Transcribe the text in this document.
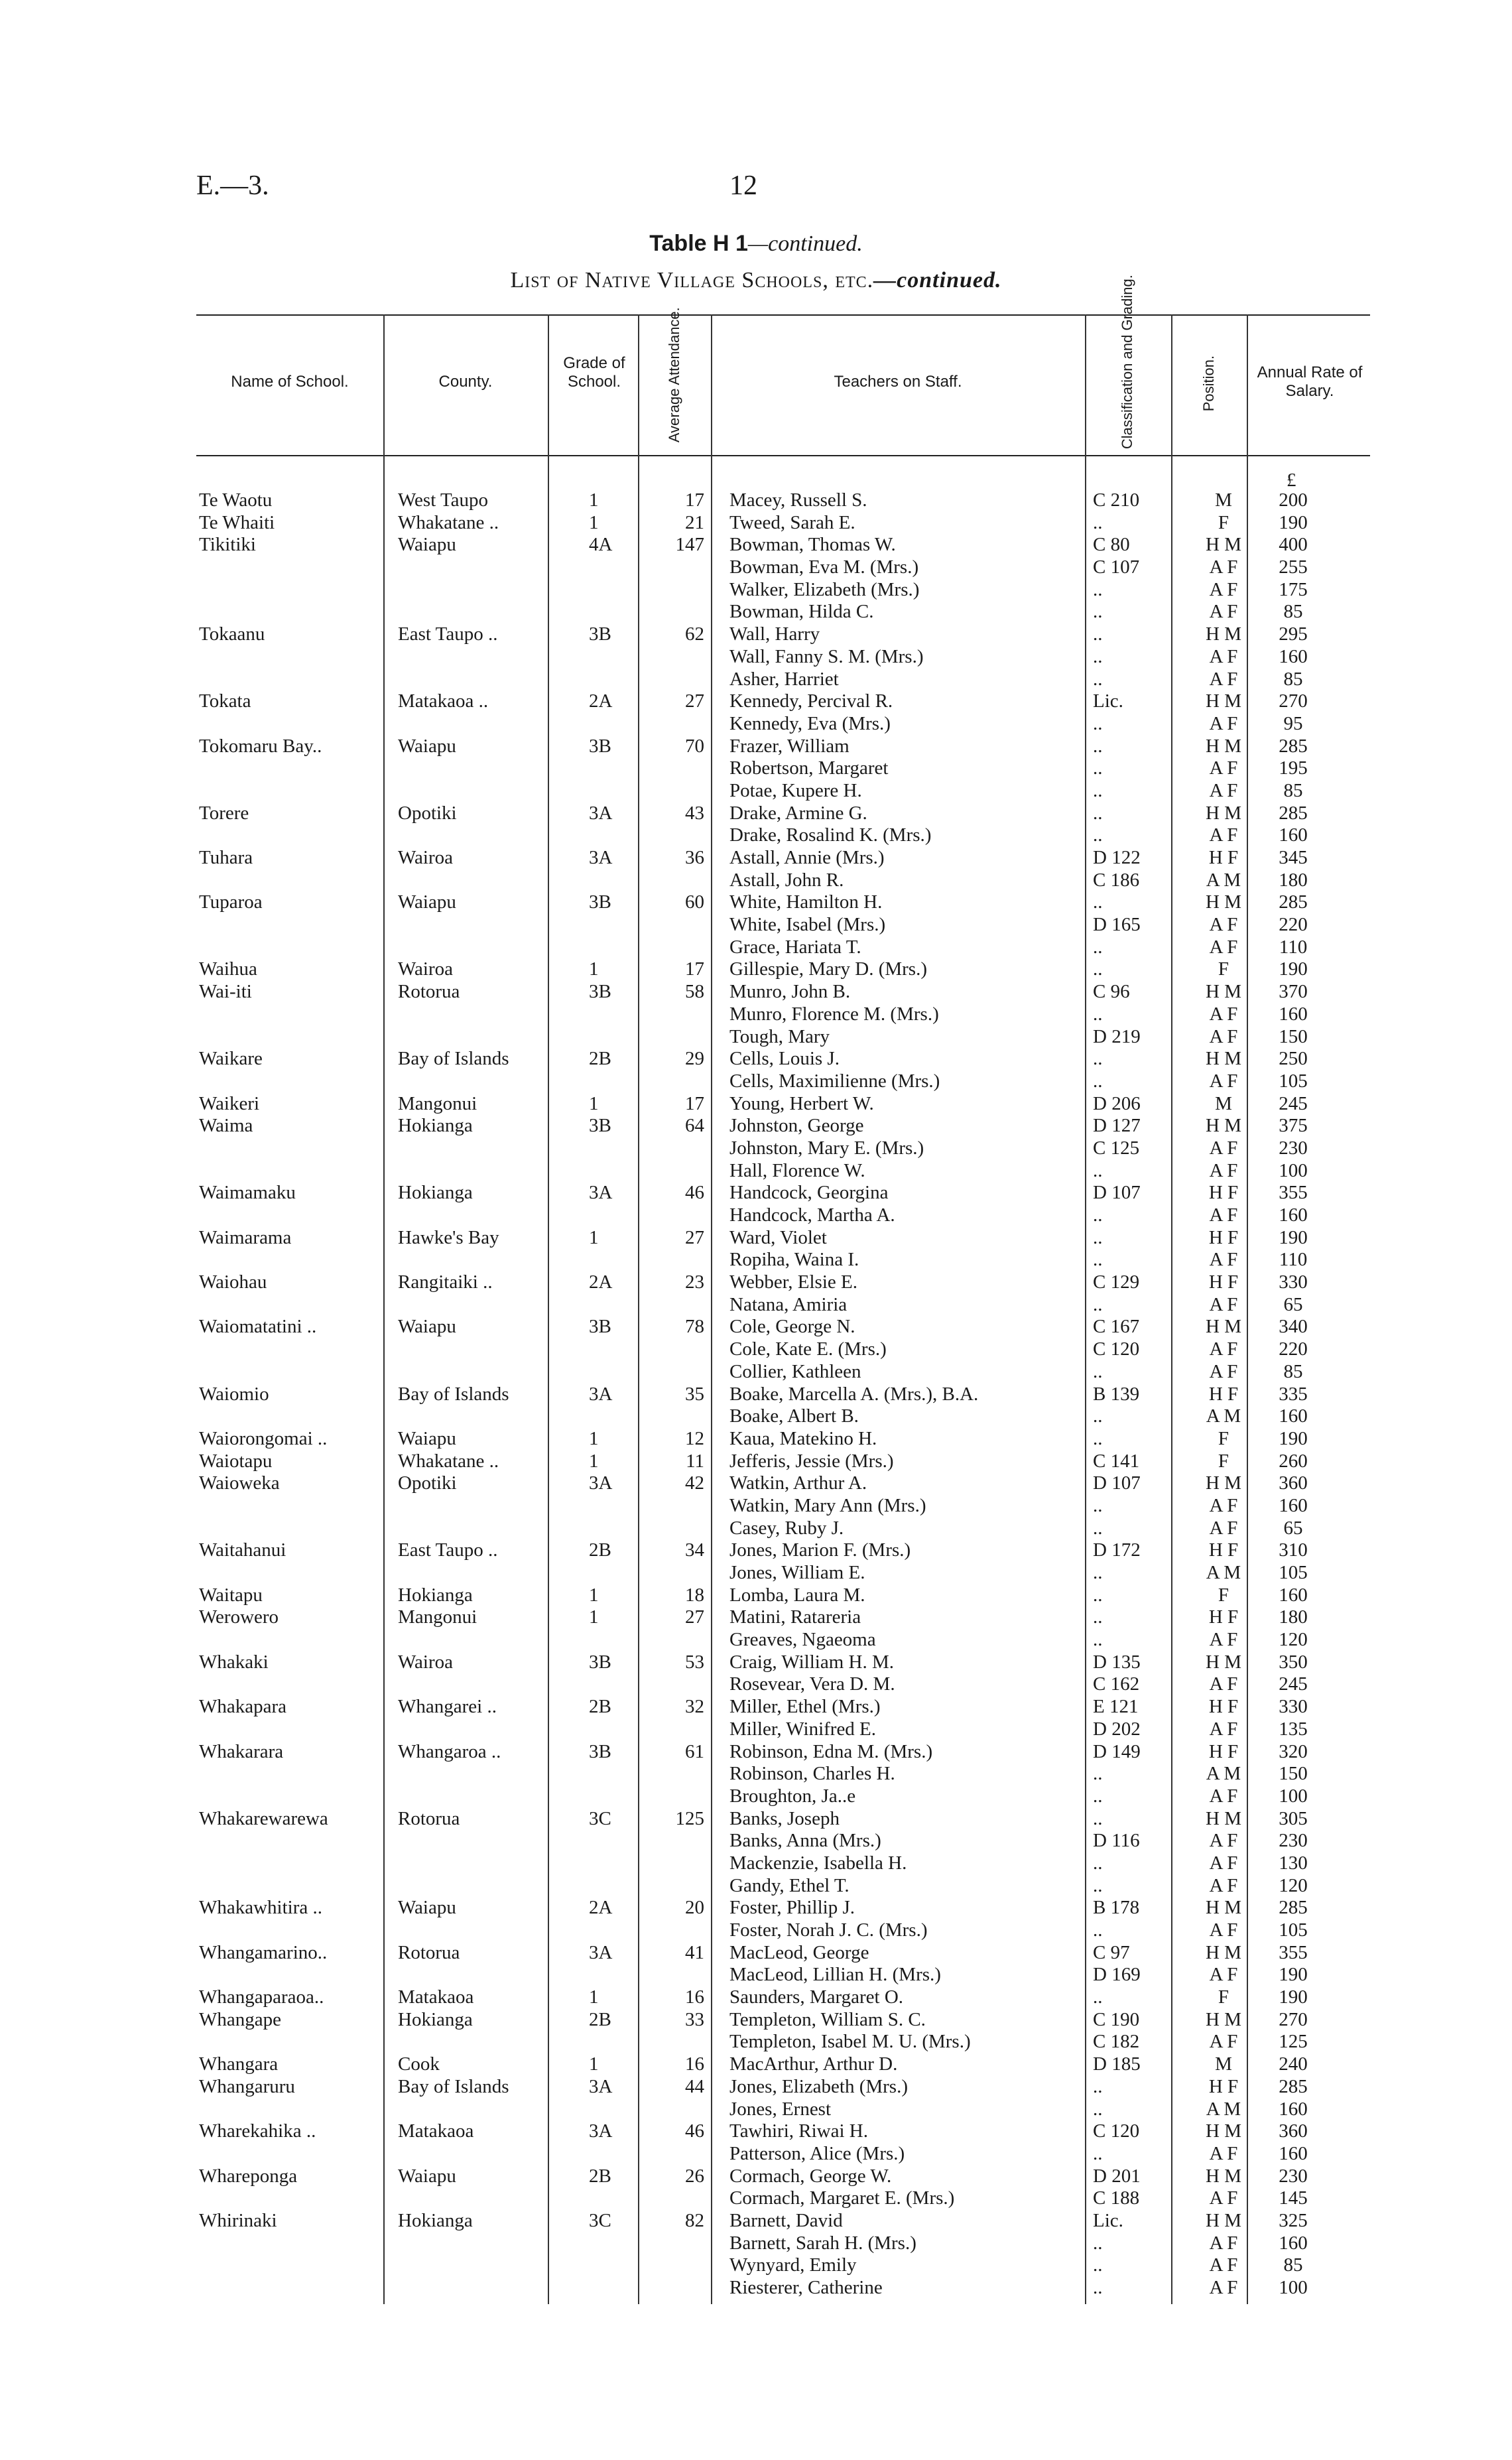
E.—3.	12
Table H 1—continued.
List of Native Village Schools, etc.—continued.
Name of School.	County.
Grade of School.	Average Attendance.	Teachers on Staff.	Classification and Grading.	Position.	Annual Rate of Salary.
£
Te Waotu	West Taupo	1	17 Macey, Russell S.	C 210	M	200
Te Whaiti	Whakatane ..	1	21 Tweed, Sarah E.	..	F	190
Tikitiki	Waiapu	4A	147 Bowman, Thomas W.	C 80	H M	400
Bowman, Eva M. (Mrs.)	C 107	A F	255
Walker, Elizabeth (Mrs.)	..	A F	175
Bowman, Hilda C.	..	A F	85
Tokaanu	East Taupo ..	3B	62 Wall, Harry	..	H M	295
Wall, Fanny S. M. (Mrs.)	..	A F	160
Asher, Harriet	..	A F	85
Tokata	Matakaoa ..	2A	27 Kennedy, Percival R.	Lic.	H M	270
Kennedy, Eva (Mrs.)	..	A F	95
Tokomaru Bay..	Waiapu	3B	70 Frazer, William	..	H M	285
Robertson, Margaret	..	A F	195
Potae, Kupere H.	..	A F	85
Torere	Opotiki	3A	43 Drake, Armine G.	..	H M	285
Drake, Rosalind K. (Mrs.)	..	A F	160
Tuhara	Wairoa	3A	36 Astall, Annie (Mrs.)	D 122	H F	345
Astall, John R.	C 186	A M	180
Tuparoa	Waiapu	3B	60 White, Hamilton H.	..	H M	285
White, Isabel (Mrs.)	D 165	A F	220
Grace, Hariata T.	..	A F	110
Waihua	Wairoa	1	17 Gillespie, Mary D. (Mrs.)	..	F	190
Wai-iti	Rotorua	3B	58 Munro, John B.	C 96	H M	370
Munro, Florence M. (Mrs.)	..	A F	160
Tough, Mary	D 219	A F	150
Waikare	Bay of Islands	2B	29 Cells, Louis J.	..	H M	250
Cells, Maximilienne (Mrs.)	..	A F	105
Waikeri	Mangonui	1	17 Young, Herbert W.	D 206	M	245
Waima	Hokianga	3B	64 Johnston, George	D 127	H M	375
Johnston, Mary E. (Mrs.)	C 125	A F	230
Hall, Florence W.	..	A F	100
Waimamaku	Hokianga	3A	46 Handcock, Georgina	D 107	H F	355
Handcock, Martha A.	..	A F	160
Waimarama	Hawke's Bay	1	27 Ward, Violet	..	H F	190
Ropiha, Waina I.	..	A F	110
Waiohau	Rangitaiki ..	2A	23 Webber, Elsie E.	C 129	H F	330
Natana, Amiria	..	A F	65
Waiomatatini ..	Waiapu	3B	78 Cole, George N.	C 167	H M	340
Cole, Kate E. (Mrs.)	C 120	A F	220
Collier, Kathleen	..	A F	85
Waiomio	Bay of Islands	3A	35 Boake, Marcella A. (Mrs.), B.A.	B 139	H F	335
Boake, Albert B.	..	A M	160
Waiorongomai ..	Waiapu	1	12 Kaua, Matekino H.	..	F	190
Waiotapu	Whakatane ..	1	11 Jefferis, Jessie (Mrs.)	C 141	F	260
Waioweka	Opotiki	3A	42 Watkin, Arthur A.	D 107	H M	360
Watkin, Mary Ann (Mrs.)	..	A F	160
Casey, Ruby J.	..	A F	65
Waitahanui	East Taupo ..	2B	34 Jones, Marion F. (Mrs.)	D 172	H F	310
Jones, William E.	..	A M	105
Waitapu	Hokianga	1	18 Lomba, Laura M.	..	F	160
Werowero	Mangonui	1	27 Matini, Ratareria	..	H F	180
Greaves, Ngaeoma	..	A F	120
Whakaki	Wairoa	3B	53 Craig, William H. M.	D 135	H M	350
Rosevear, Vera D. M.	C 162	A F	245
Whakapara	Whangarei ..	2B	32 Miller, Ethel (Mrs.)	E 121	H F	330
Miller, Winifred E.	D 202	A F	135
Whakarara	Whangaroa ..	3B	61 Robinson, Edna M. (Mrs.)	D 149	H F	320
Robinson, Charles H.	..	A M	150
Broughton, Ja..e	..	A F	100
Whakarewarewa	Rotorua	3C	125 Banks, Joseph	..	H M	305
Banks, Anna (Mrs.)	D 116	A F	230
Mackenzie, Isabella H.	..	A F	130
Gandy, Ethel T.	..	A F	120
Whakawhitira ..	Waiapu	2A	20 Foster, Phillip J.	B 178	H M	285
Foster, Norah J. C. (Mrs.)	..	A F	105
Whangamarino..	Rotorua	3A	41 MacLeod, George	C 97	H M	355
MacLeod, Lillian H. (Mrs.)	D 169	A F	190
Whangaparaoa..	Matakaoa	1	16 Saunders, Margaret O.	..	F	190
Whangape	Hokianga	2B	33 Templeton, William S. C.	C 190	H M	270
Templeton, Isabel M. U. (Mrs.)	C 182	A F	125
Whangara	Cook	1	16 MacArthur, Arthur D.	D 185	M	240
Whangaruru	Bay of Islands	3A	44 Jones, Elizabeth (Mrs.)	..	H F	285
Jones, Ernest	..	A M	160
Wharekahika ..	Matakaoa	3A	46 Tawhiri, Riwai H.	C 120	H M	360
Patterson, Alice (Mrs.)	..	A F	160
Whareponga	Waiapu	2B	26 Cormach, George W.	D 201	H M	230
Cormach, Margaret E. (Mrs.)	C 188	A F	145
Whirinaki	Hokianga	3C	82 Barnett, David	Lic.	H M	325
Barnett, Sarah H. (Mrs.)	..	A F	160
Wynyard, Emily	..	A F	85
Riesterer, Catherine	..	A F	100
